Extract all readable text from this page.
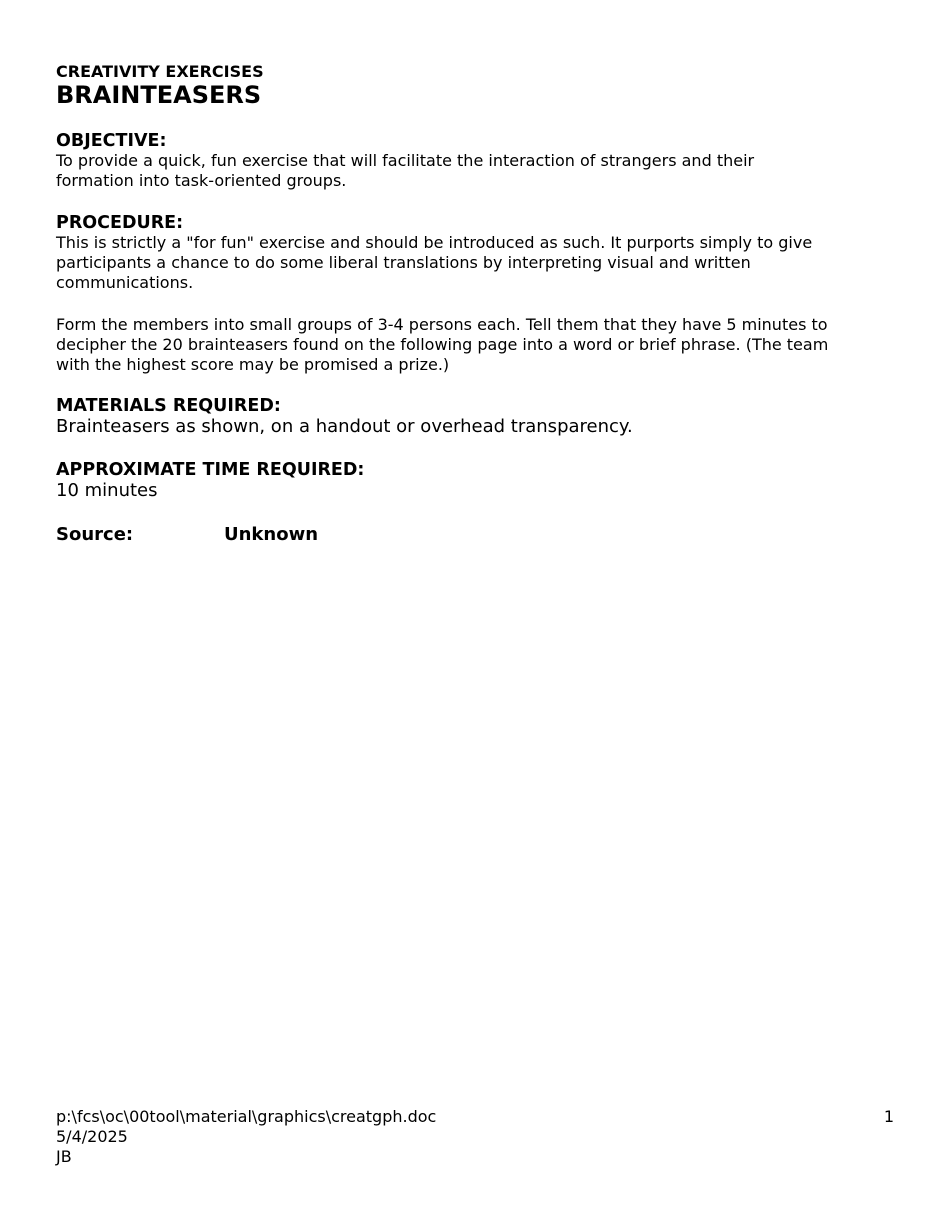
CREATIVITY EXERCISES

BRAINTEASERS

OBJECTIVE:

To provide a quick, fun exercise that will facilitate the interaction of strangers and their

formation into task-oriented groups.

PROCEDURE:

This is strictly a "for fun" exercise and should be introduced as such. It purports simply to give

participants a chance to do some liberal translations by interpreting visual and written

communications.

Form the members into small groups of 3-4 persons each. Tell them that they have 5 minutes to

decipher the 20 brainteasers found on the following page into a word or brief phrase. (The team

with the highest score may be promised a prize.)

MATERIALS REQUIRED:

Brainteasers as shown, on a handout or overhead transparency.

APPROXIMATE TIME REQUIRED:

10 minutes

Source:	Unknown

p:\fcs\oc\00tool\material\graphics\creatgph.doc

5/4/2025

JB

1
